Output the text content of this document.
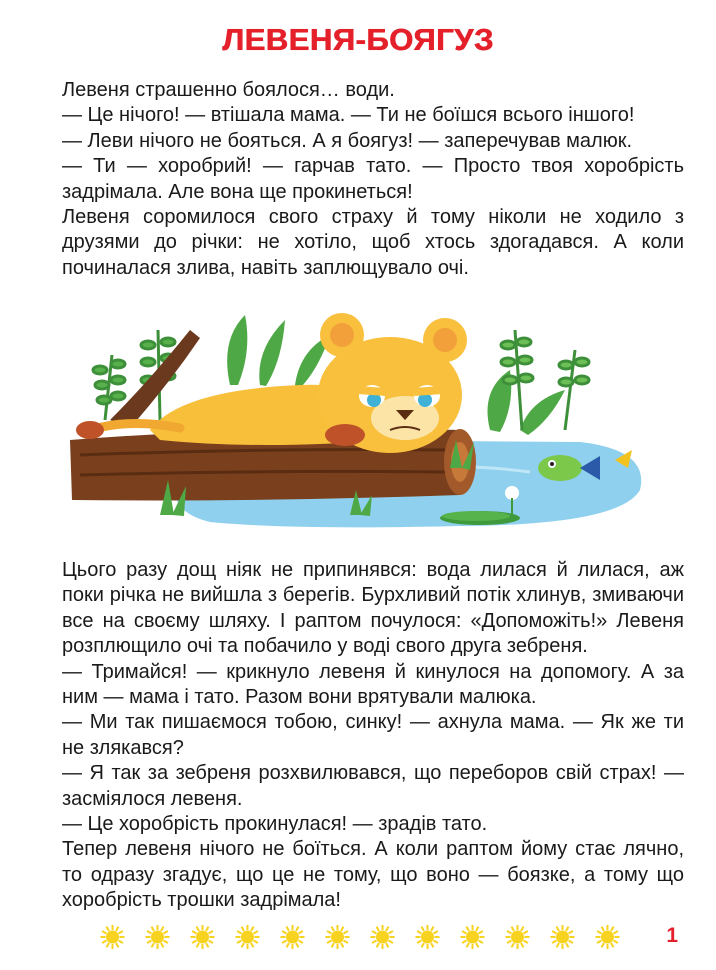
ЛЕВЕНЯ-БОЯГУЗ

Левеня страшенно боялося… води.

— Це нічого! — втішала мама. — Ти не боїшся всього іншого!

— Леви нічого не бояться. А я боягуз! — заперечував малюк.

— Ти — хоробрий! — гарчав тато. — Просто твоя хоробрість задрімала. Але вона ще прокинеться!

Левеня соромилося свого страху й тому ніколи не ходило з друзями до річки: не хотіло, щоб хтось здогадався. А коли починалася злива, навіть заплющувало очі.

Цього разу дощ ніяк не припинявся: вода лилася й лилася, аж поки річка не вийшла з берегів. Бурхливий потік хлинув, змиваючи все на своєму шляху. І раптом почулося: «Допоможіть!» Левеня розплющило очі та побачило у воді свого друга зебреня.

— Тримайся! — крикнуло левеня й кинулося на допомогу. А за ним — мама і тато. Разом вони врятували малюка.

— Ми так пишаємося тобою, синку! — ахнула мама. — Як же ти не злякався?

— Я так за зебреня розхвилювався, що переборов свій страх! — засміялося левеня.

— Це хоробрість прокинулася! — зрадів тато.

Тепер левеня нічого не боїться. А коли раптом йому стає лячно, то одразу згадує, що це не тому, що воно — боязке, а тому що хоробрість трошки задрімала!

1
